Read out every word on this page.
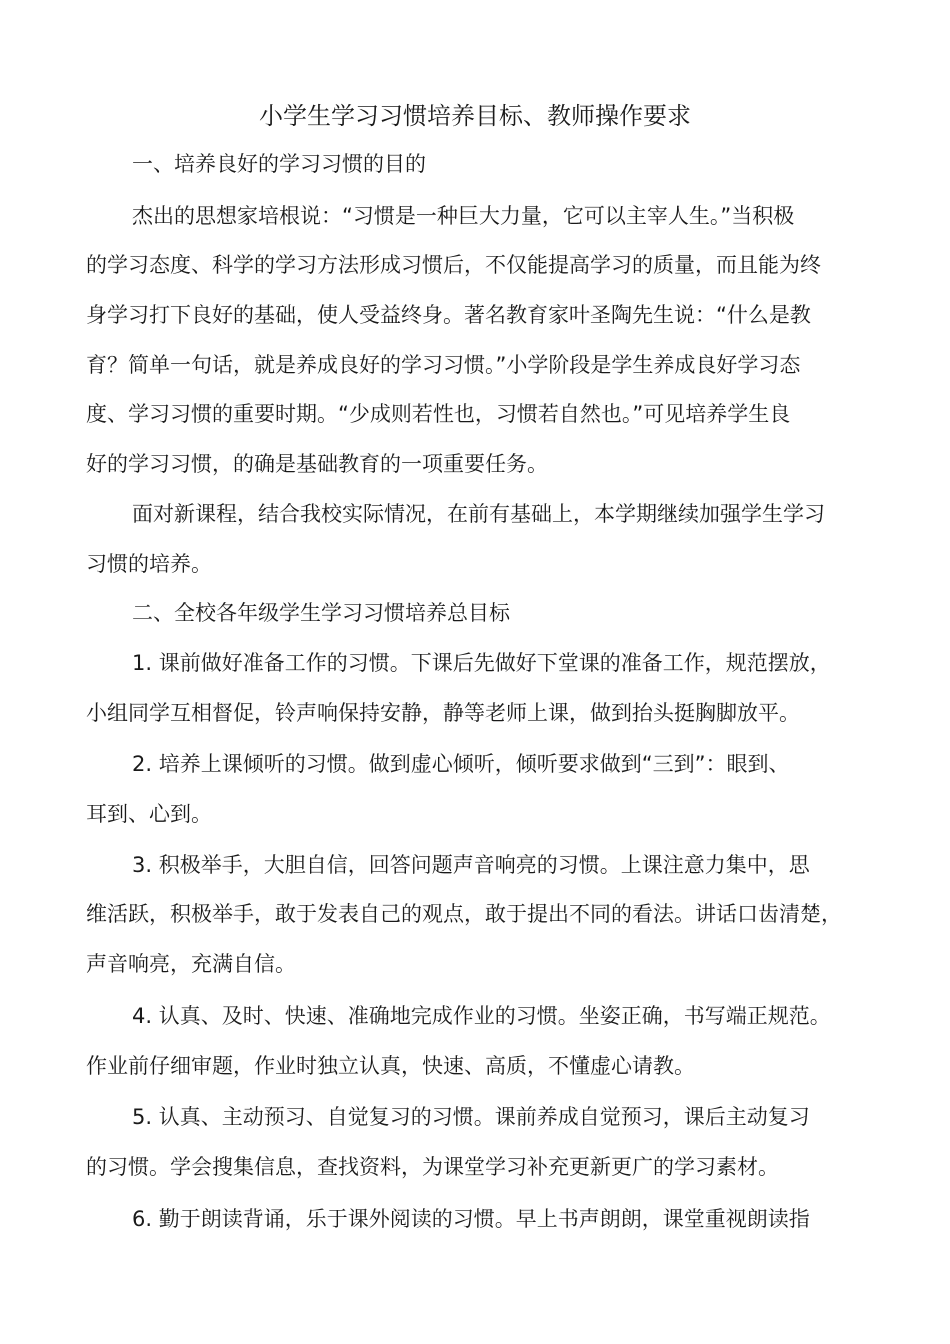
小学生学习习惯培养目标、教师操作要求
一、培养良好的学习习惯的目的
杰出的思想家培根说：“习惯是一种巨大力量，它可以主宰人生。”当积极
的学习态度、科学的学习方法形成习惯后，不仅能提高学习的质量，而且能为终
身学习打下良好的基础，使人受益终身。著名教育家叶圣陶先生说：“什么是教
育？简单一句话，就是养成良好的学习习惯。”小学阶段是学生养成良好学习态
度、学习习惯的重要时期。“少成则若性也，习惯若自然也。”可见培养学生良
好的学习习惯，的确是基础教育的一项重要任务。
面对新课程，结合我校实际情况，在前有基础上，本学期继续加强学生学习
习惯的培养。
二、全校各年级学生学习习惯培养总目标
1. 课前做好准备工作的习惯。下课后先做好下堂课的准备工作，规范摆放，
小组同学互相督促，铃声响保持安静，静等老师上课，做到抬头挺胸脚放平。
2. 培养上课倾听的习惯。做到虚心倾听，倾听要求做到“三到”：眼到、
耳到、心到。
3. 积极举手，大胆自信，回答问题声音响亮的习惯。上课注意力集中，思
维活跃，积极举手，敢于发表自己的观点，敢于提出不同的看法。讲话口齿清楚，
声音响亮，充满自信。
4. 认真、及时、快速、准确地完成作业的习惯。坐姿正确，书写端正规范。
作业前仔细审题，作业时独立认真，快速、高质，不懂虚心请教。
5. 认真、主动预习、自觉复习的习惯。课前养成自觉预习，课后主动复习
的习惯。学会搜集信息，查找资料，为课堂学习补充更新更广的学习素材。
6. 勤于朗读背诵，乐于课外阅读的习惯。早上书声朗朗，课堂重视朗读指
